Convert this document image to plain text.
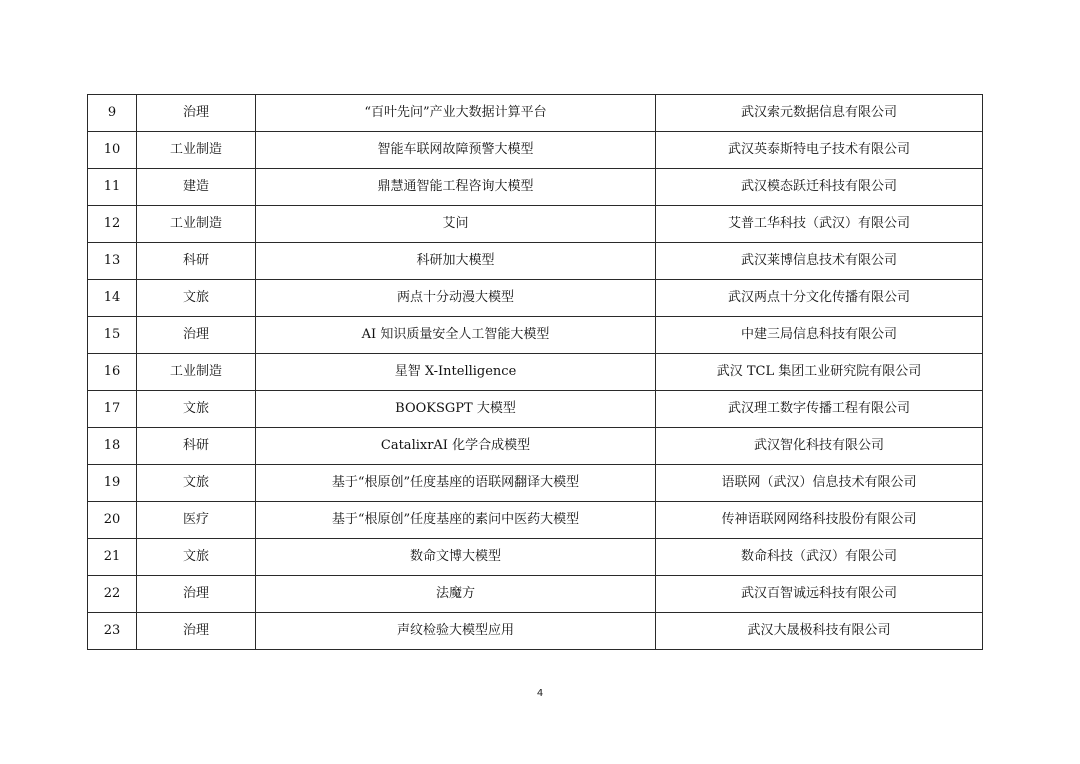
9	治理	“百叶先问”产业大数据计算平台	武汉索元数据信息有限公司
10	工业制造	智能车联网故障预警大模型	武汉英泰斯特电子技术有限公司
11	建造	鼎慧通智能工程咨询大模型	武汉模态跃迁科技有限公司
12	工业制造	艾问	艾普工华科技（武汉）有限公司
13	科研	科研加大模型	武汉莱博信息技术有限公司
14	文旅	两点十分动漫大模型	武汉两点十分文化传播有限公司
15	治理	AI 知识质量安全人工智能大模型	中建三局信息科技有限公司
16	工业制造	星智 X-Intelligence	武汉 TCL 集团工业研究院有限公司
17	文旅	BOOKSGPT 大模型	武汉理工数字传播工程有限公司
18	科研	CatalixrAI 化学合成模型	武汉智化科技有限公司
19	文旅	基于“根原创”任度基座的语联网翻译大模型	语联网（武汉）信息技术有限公司
20	医疗	基于“根原创”任度基座的素问中医药大模型	传神语联网网络科技股份有限公司
21	文旅	数命文博大模型	数命科技（武汉）有限公司
22	治理	法魔方	武汉百智诚远科技有限公司
23	治理	声纹检验大模型应用	武汉大晟极科技有限公司
4
